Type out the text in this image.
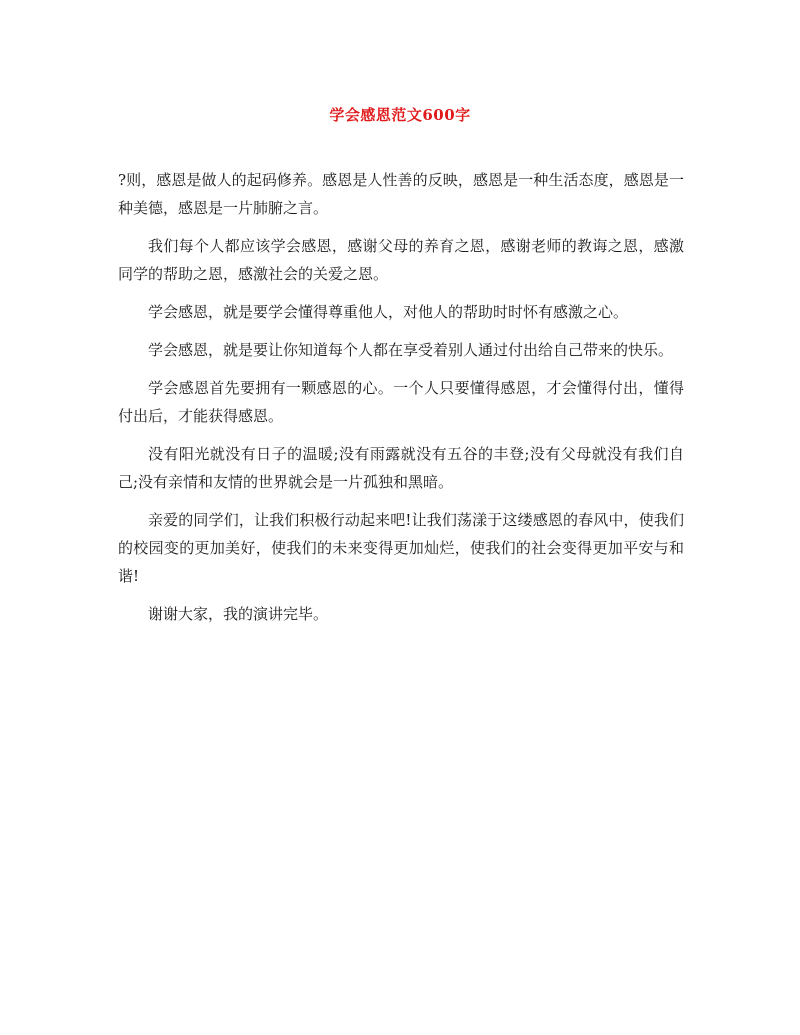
学会感恩范文600字

?则，感恩是做人的起码修养。感恩是人性善的反映，感恩是一种生活态度，感恩是一种美德，感恩是一片肺腑之言。

我们每个人都应该学会感恩，感谢父母的养育之恩，感谢老师的教诲之恩，感激同学的帮助之恩，感激社会的关爱之恩。

学会感恩，就是要学会懂得尊重他人，对他人的帮助时时怀有感激之心。

学会感恩，就是要让你知道每个人都在享受着别人通过付出给自己带来的快乐。

学会感恩首先要拥有一颗感恩的心。一个人只要懂得感恩，才会懂得付出，懂得付出后，才能获得感恩。

没有阳光就没有日子的温暖;没有雨露就没有五谷的丰登;没有父母就没有我们自己;没有亲情和友情的世界就会是一片孤独和黑暗。

亲爱的同学们，让我们积极行动起来吧!让我们荡漾于这缕感恩的春风中，使我们的校园变的更加美好，使我们的未来变得更加灿烂，使我们的社会变得更加平安与和谐!

谢谢大家，我的演讲完毕。
